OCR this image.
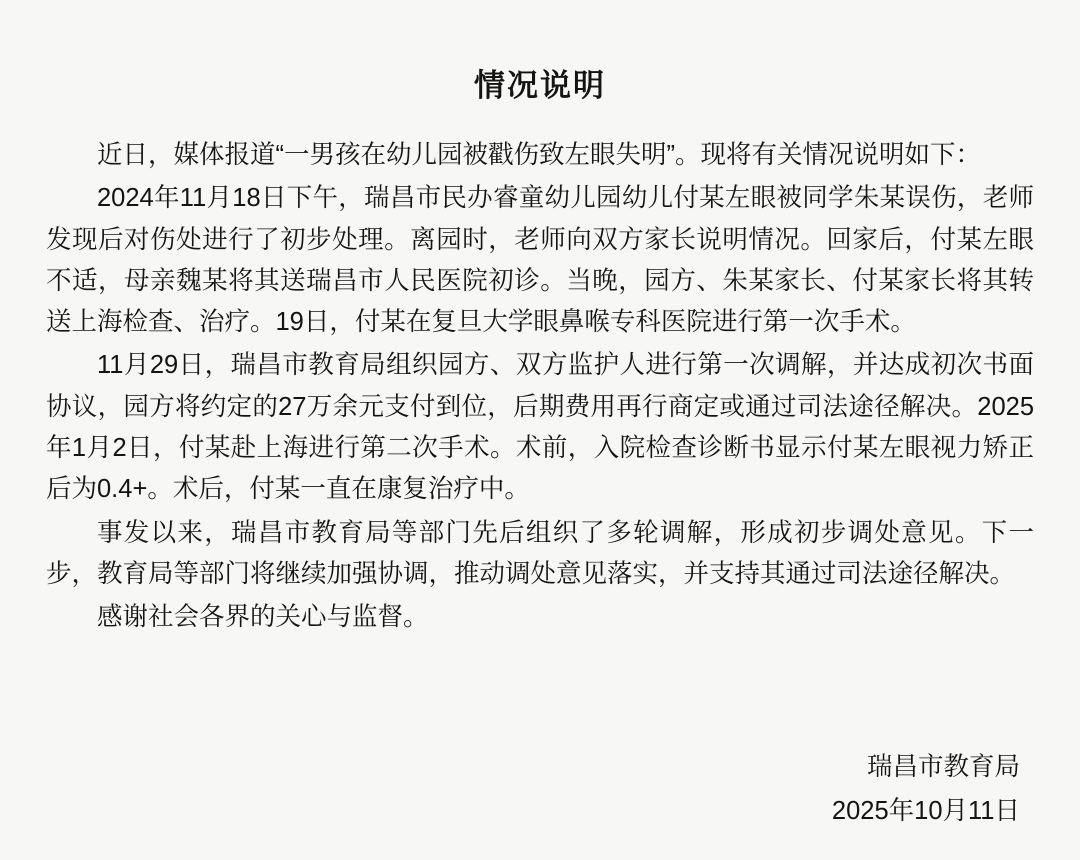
情况说明

近日，媒体报道“一男孩在幼儿园被戳伤致左眼失明”。现将有关情况说明如下：

2024年11月18日下午，瑞昌市民办睿童幼儿园幼儿付某左眼被同学朱某误伤，老师发现后对伤处进行了初步处理。离园时，老师向双方家长说明情况。回家后，付某左眼不适，母亲魏某将其送瑞昌市人民医院初诊。当晚，园方、朱某家长、付某家长将其转送上海检查、治疗。19日，付某在复旦大学眼鼻喉专科医院进行第一次手术。

11月29日，瑞昌市教育局组织园方、双方监护人进行第一次调解，并达成初次书面协议，园方将约定的27万余元支付到位，后期费用再行商定或通过司法途径解决。2025年1月2日，付某赴上海进行第二次手术。术前，入院检查诊断书显示付某左眼视力矫正后为0.4+。术后，付某一直在康复治疗中。

事发以来，瑞昌市教育局等部门先后组织了多轮调解，形成初步调处意见。下一步，教育局等部门将继续加强协调，推动调处意见落实，并支持其通过司法途径解决。

感谢社会各界的关心与监督。

瑞昌市教育局
2025年10月11日
